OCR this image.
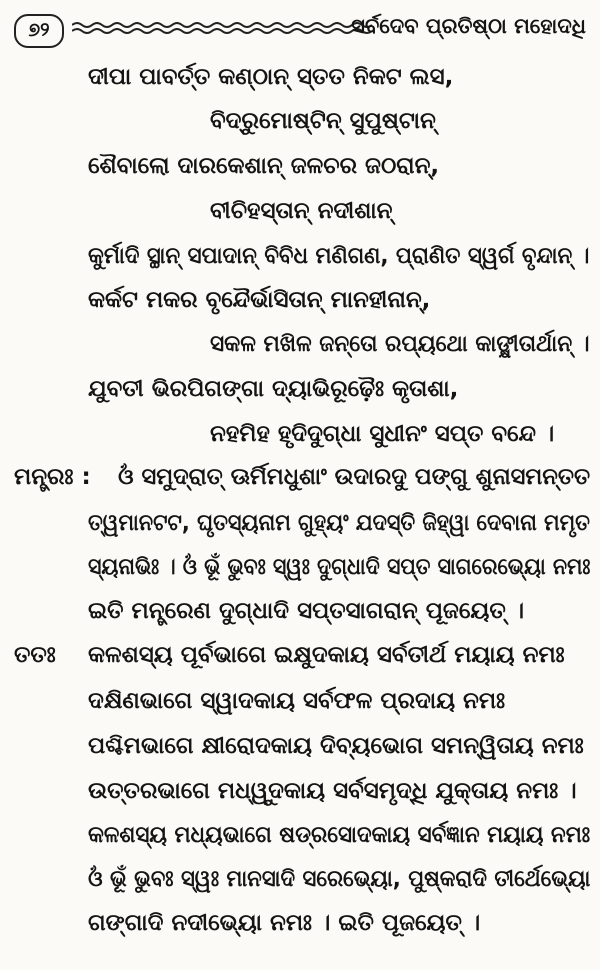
୭୨	ସର୍ବଦେବ ପ୍ରତିଷ୍ଠା ମହୋଦଧି
ଦୀପା ପାବର୍ତ୍ତ କଣ୍ଠାନ୍ ସ୍ତତ ନିକଟ ଲସ,
ବିଦ୍ରୁମୋଷ୍ଟିନ୍ ସୁପୁଷ୍ଟାନ୍
ଶୈବାଲୋ ଦାରକେଶାନ୍ ଜଳଚର ଜଠରାନ୍,
ବୀଚିହସ୍ତାନ୍ ନଦୀଶାନ୍
କୁର୍ମାଦି ସ୍ଥାନ୍ ସପାଦାନ୍ ବିବିଧ ମଣିଗଣ, ପ୍ରାଣିତ ସ୍ୱର୍ଗ ବୃନ୍ଦାନ୍ ।
କର୍କଟ ମକର ବୃନ୍ଦୈର୍ଭାସିତାନ୍ ମାନହୀନାନ୍,
ସକଳ ମଖିଳ ଜନ୍ତୋ ରପ୍ୟଥୋ କାଙ୍କ୍ଷୀତାର୍ଥାନ୍ ।
ଯୁବତୀ ଭିରପିଗଙ୍ଗା ଦ୍ୟାଭିରୂଢ଼ୈଃ କୃତାଶା,
ନହମିହ ହୃଦିଦୁଗ୍ଧା ସୁଧୀନଂ ସପ୍ତ ବନ୍ଦେ ।
ମନ୍ତ୍ରଃ : ଓଁ ସମୁଦ୍ରାତ୍ ଊର୍ମିମଧୁଶାଂ ଉଦାରଦୁ ପଙ୍ଗୁ ଶୁନାସମନ୍ତତ
ତ୍ୱମାନଟଟ, ଘୃତସ୍ୟନାମ ଗୁହ୍ୟଂ ଯଦସ୍ତି ଜିହ୍ୱା ଦେବାନା ମମୃତ
ସ୍ୟନାଭିଃ । ଓଁ ଭୂଁ ଭୁବଃ ସ୍ୱଃ ଦୁଗ୍ଧାଦି ସପ୍ତ ସାଗରେଭ୍ୟୋ ନମଃ
ଇତି ମନ୍ତ୍ରେଣ ଦୁଗ୍ଧାଦି ସପ୍ତସାଗରାନ୍ ପୂଜୟେତ୍ ।
ତତଃ କଳଶସ୍ୟ ପୂର୍ବଭାଗେ ଇକ୍ଷୁଦକାୟ ସର୍ବତୀର୍ଥ ମୟାୟ ନମଃ
ଦକ୍ଷିଣଭାଗେ ସ୍ୱାଦକାୟ ସର୍ବଫଳ ପ୍ରଦାୟ ନମଃ
ପଶ୍ଚିମଭାଗେ କ୍ଷୀରୋଦକାୟ ଦିବ୍ୟଭୋଗ ସମନ୍ୱିତାୟ ନମଃ
ଉତ୍ତରଭାଗେ ମଧ୍ୱୁଦକାୟ ସର୍ବସମୃଦ୍ଧି ଯୁକ୍ତାୟ ନମଃ ।
କଳଶସ୍ୟ ମଧ୍ୟଭାଗେ ଷଡ୍ରସୋଦକାୟ ସର୍ବଜ୍ଞାନ ମୟାୟ ନମଃ
ଓଁ ଭୂଁ ଭୁବଃ ସ୍ୱଃ ମାନସାଦି ସରେଭ୍ୟୋ, ପୁଷ୍କରାଦି ତୀର୍ଥେଭ୍ୟୋ
ଗଙ୍ଗାଦି ନଦୀଭ୍ୟୋ ନମଃ । ଇତି ପୂଜୟେତ୍ ।
